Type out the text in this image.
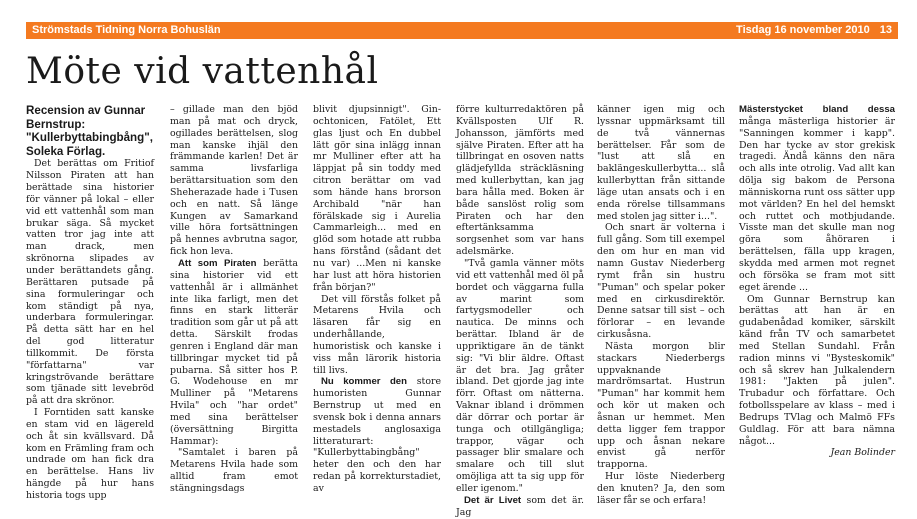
Strömstads Tidning Norra Bohuslän	Tisdag 16 november 2010 13
Möte vid vattenhål

Recension av Gunnar Bernstrup: "Kullerbyttabingbång", Soleka Förlag.

Det berättas om Fritiof Nilsson Piraten att han berättade sina historier för vänner på lokal – eller vid ett vattenhål som man brukar säga. Så mycket vatten tror jag inte att man drack, men skrönorna slipades av under berättandets gång. Berättaren putsade på sina formuleringar och kom ständigt på nya, underbara formuleringar. På detta sätt har en hel del god litteratur tillkommit. De första "författarna" var kringströvande berättare som tjänade sitt levebröd på att dra skrönor.

I Forntiden satt kanske en stam vid en lägereld och åt sin kvällsvard. Då kom en Främling fram och undrade om han fick dra en berättelse. Hans liv hängde på hur hans historia togs upp

– gillade man den bjöd man på mat och dryck, ogillades berättelsen, slog man kanske ihjäl den främmande karlen! Det är samma livsfarliga berättarsituation som den Sheherazade hade i Tusen och en natt. Så länge Kungen av Samarkand ville höra fortsättningen på hennes avbrutna sagor, fick hon leva.

Att som Piraten berätta sina historier vid ett vattenhål är i allmänhet inte lika farligt, men det finns en stark litterär tradition som går ut på att detta. Särskilt frodas genren i England där man tillbringar mycket tid på pubarna. Så sitter hos P. G. Wodehouse en mr Mulliner på "Metarens Hvila" och "har ordet" med sina berättelser (översättning Birgitta Hammar):

"Samtalet i baren på Metarens Hvila hade som alltid fram emot stängningsdags

blivit djupsinnigt". Gin-ochtonicen, Fatölet, Ett glas ljust och En dubbel lätt gör sina inlägg innan mr Mulliner efter att ha läppjat på sin toddy med citron berättar om vad som hände hans brorson Archibald "när han förälskade sig i Aurelia Cammarleigh... med en glöd som hotade att rubba hans förstånd (sådant det nu var) ...Men ni kanske har lust att höra historien från början?"

Det vill förstås folket på Metarens Hvila och läsaren får sig en underhållande, humoristisk och kanske i viss mån lärorik historia till livs.

Nu kommer den store humoristen Gunnar Bernstrup ut med en svensk bok i denna annars mestadels anglosaxiga litteraturart: "Kullerbyttabingbång" heter den och den har redan på korrekturstadiet, av

förre kulturredaktören på Kvällsposten Ulf R. Johansson, jämförts med själve Piraten. Efter att ha tillbringat en osoven natts glädjefyllda sträckläsning med kullerbyttan, kan jag bara hålla med. Boken är både sanslöst rolig som Piraten och har den eftertänksamma sorgsenhet som var hans adelsmärke.

"Två gamla vänner möts vid ett vattenhål med öl på bordet och väggarna fulla av marint som fartygsmodeller och nautica. De minns och berättar. Ibland är de uppriktigare än de tänkt sig: "Vi blir äldre. Oftast är det bra. Jag gråter ibland. Det gjorde jag inte förr. Oftast om nätterna. Vaknar ibland i drömmen där dörrar och portar är tunga och otillgängliga; trappor, vägar och passager blir smalare och smalare och till slut omöjliga att ta sig upp för eller igenom."

Det är Livet som det är. Jag

känner igen mig och lyssnar uppmärksamt till de två vännernas berättelser. Får som de "lust att slå en baklängeskullerbytta... slå kullerbyttan från sittande läge utan ansats och i en enda rörelse tillsammans med stolen jag sitter i...".

Och snart är volterna i full gång. Som till exempel den om hur en man vid namn Gustav Niederberg rymt från sin hustru "Puman" och spelar poker med en cirkusdirektör. Denne satsar till sist – och förlorar – en levande cirkusåsna.

Nästa morgon blir stackars Niederbergs uppvaknande mardrömsartat. Hustrun "Puman" har kommit hem och kör ut maken och åsnan ur hemmet. Men detta ligger fem trappor upp och åsnan nekare envist gå nerför trapporna.

Hur löste Niederberg den knuten? Ja, den som läser får se och erfara!

Mästerstycket bland dessa många mästerliga historier är "Sanningen kommer i kapp". Den har tycke av stor grekisk tragedi. Ändå känns den nära och alls inte otrolig. Vad allt kan dölja sig bakom de Personа människorna runt oss sätter upp mot världen? En hel del hemskt och ruttet och motbjudande. Visste man det skulle man nog göra som åhöraren i berättelsen, fälla upp kragen, skydda med armen mot regnet och försöka se fram mot sitt eget ärende ...

Om Gunnar Bernstrup kan berättas att han är en gudabenådad komiker, särskilt känd från TV och samarbetet med Stellan Sundahl. Från radion minns vi "Bysteskomik" och så skrev han Julkalendern 1981: "Jakten på julen". Trubadur och författare. Och fotbollsspelare av klass – med i Bedrups TVlag och Malmö FFs Guldlag. För att bara nämna något...

Jean Bolinder
